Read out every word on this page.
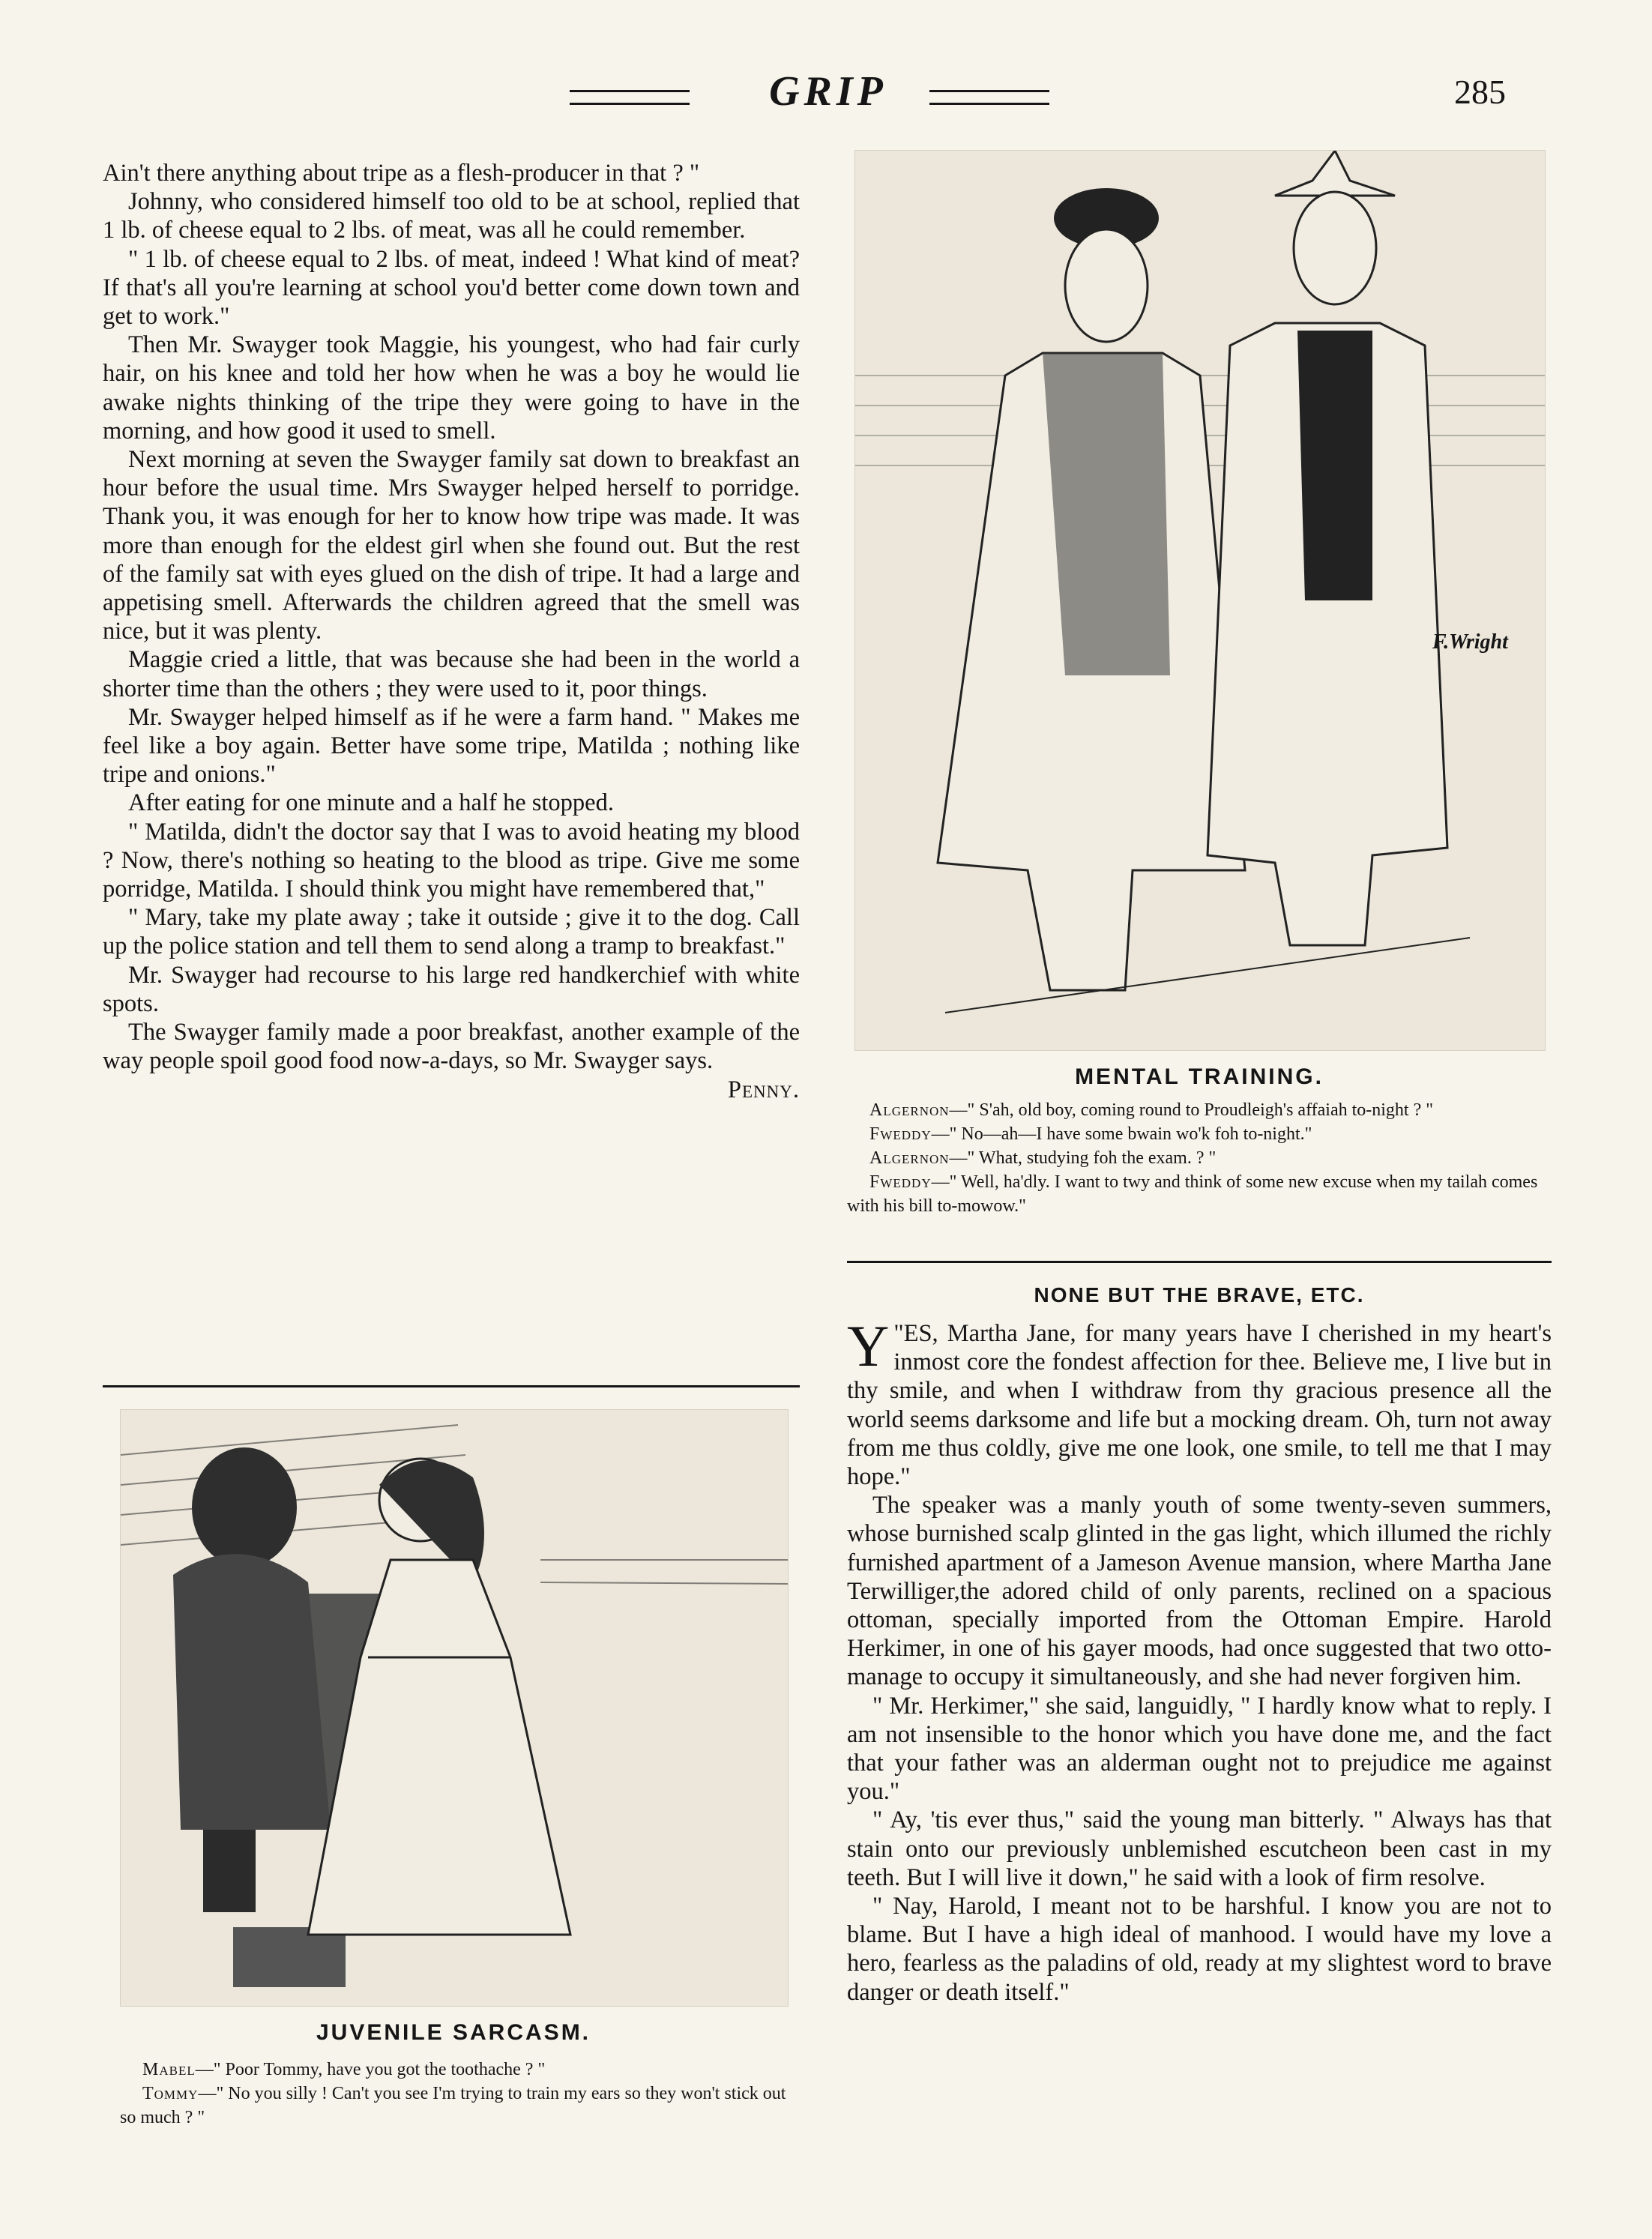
GRIP	285

Ain't there anything about tripe as a flesh-producer in that ? "

Johnny, who considered himself too old to be at school, replied that 1 lb. of cheese equal to 2 lbs. of meat, was all he could remember.

" 1 lb. of cheese equal to 2 lbs. of meat, indeed ! What kind of meat? If that's all you're learning at school you'd better come down town and get to work."

Then Mr. Swayger took Maggie, his youngest, who had fair curly hair, on his knee and told her how when he was a boy he would lie awake nights thinking of the tripe they were going to have in the morning, and how good it used to smell.

Next morning at seven the Swayger family sat down to breakfast an hour before the usual time. Mrs Swayger helped herself to porridge. Thank you, it was enough for her to know how tripe was made. It was more than enough for the eldest girl when she found out. But the rest of the family sat with eyes glued on the dish of tripe. It had a large and appetising smell. Afterwards the children agreed that the smell was nice, but it was plenty.

Maggie cried a little, that was because she had been in the world a shorter time than the others ; they were used to it, poor things.

Mr. Swayger helped himself as if he were a farm hand. " Makes me feel like a boy again. Better have some tripe, Matilda ; nothing like tripe and onions."

After eating for one minute and a half he stopped.

" Matilda, didn't the doctor say that I was to avoid heating my blood ? Now, there's nothing so heating to the blood as tripe. Give me some porridge, Matilda. I should think you might have remembered that,"

" Mary, take my plate away ; take it outside ; give it to the dog. Call up the police station and tell them to send along a tramp to breakfast."

Mr. Swayger had recourse to his large red handkerchief with white spots.

The Swayger family made a poor breakfast, another example of the way people spoil good food now-a-days, so Mr. Swayger says.
Penny.

JUVENILE SARCASM.
Mabel—" Poor Tommy, have you got the toothache ? "
Tommy—" No you silly ! Can't you see I'm trying to train my ears so they won't stick out so much ? "
F.Wright
MENTAL TRAINING.
Algernon—" S'ah, old boy, coming round to Proudleigh's affaiah to-night ? "
Fweddy—" No—ah—I have some bwain wo'k foh to-night."
Algernon—" What, studying foh the exam. ? "
Fweddy—" Well, ha'dly. I want to twy and think of some new excuse when my tailah comes with his bill to-mowow."
NONE BUT THE BRAVE, ETC.

"
Y ES, Martha Jane, for many years have I cherished in my heart's inmost core the fondest affection for thee. Believe me, I live but in thy smile, and when I withdraw from thy gracious presence all the world seems darksome and life but a mocking dream. Oh, turn not away from me thus coldly, give me one look, one smile, to tell me that I may hope."

The speaker was a manly youth of some twenty-seven summers, whose burnished scalp glinted in the gas light, which illumed the richly furnished apartment of a Jameson Avenue mansion, where Martha Jane Terwilliger,the adored child of only parents, reclined on a spacious ottoman, specially imported from the Ottoman Empire. Harold Herkimer, in one of his gayer moods, had once suggested that two otto-manage to occupy it simultaneously, and she had never forgiven him.

" Mr. Herkimer," she said, languidly, " I hardly know what to reply. I am not insensible to the honor which you have done me, and the fact that your father was an alderman ought not to prejudice me against you."

" Ay, 'tis ever thus," said the young man bitterly. " Always has that stain onto our previously unblemished escutcheon been cast in my teeth. But I will live it down," he said with a look of firm resolve.

" Nay, Harold, I meant not to be harshful. I know you are not to blame. But I have a high ideal of manhood. I would have my love a hero, fearless as the paladins of old, ready at my slightest word to brave danger or death itself."
